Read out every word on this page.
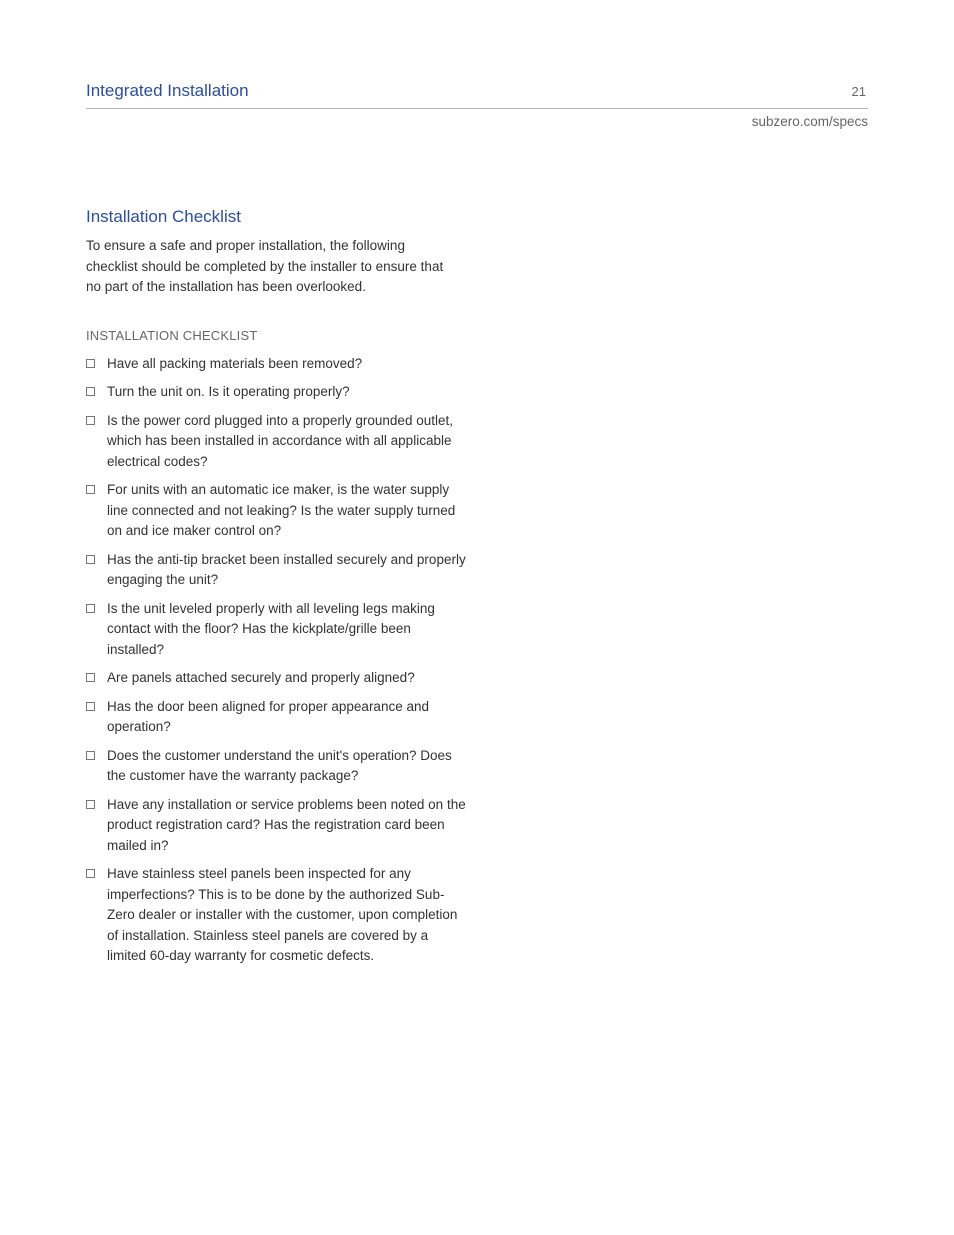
Integrated Installation	21
subzero.com/specs
Installation Checklist

To ensure a safe and proper installation, the following checklist should be completed by the installer to ensure that no part of the installation has been overlooked.

INSTALLATION CHECKLIST
Have all packing materials been removed?
Turn the unit on. Is it operating properly?
Is the power cord plugged into a properly grounded outlet, which has been installed in accordance with all applicable electrical codes?
For units with an automatic ice maker, is the water supply line connected and not leaking? Is the water supply turned on and ice maker control on?
Has the anti-tip bracket been installed securely and properly engaging the unit?
Is the unit leveled properly with all leveling legs making contact with the floor? Has the kickplate/grille been installed?
Are panels attached securely and properly aligned?
Has the door been aligned for proper appearance and operation?
Does the customer understand the unit's operation? Does the customer have the warranty package?
Have any installation or service problems been noted on the product registration card? Has the registration card been mailed in?
Have stainless steel panels been inspected for any imperfections? This is to be done by the authorized Sub-Zero dealer or installer with the customer, upon completion of installation. Stainless steel panels are covered by a limited 60-day warranty for cosmetic defects.
